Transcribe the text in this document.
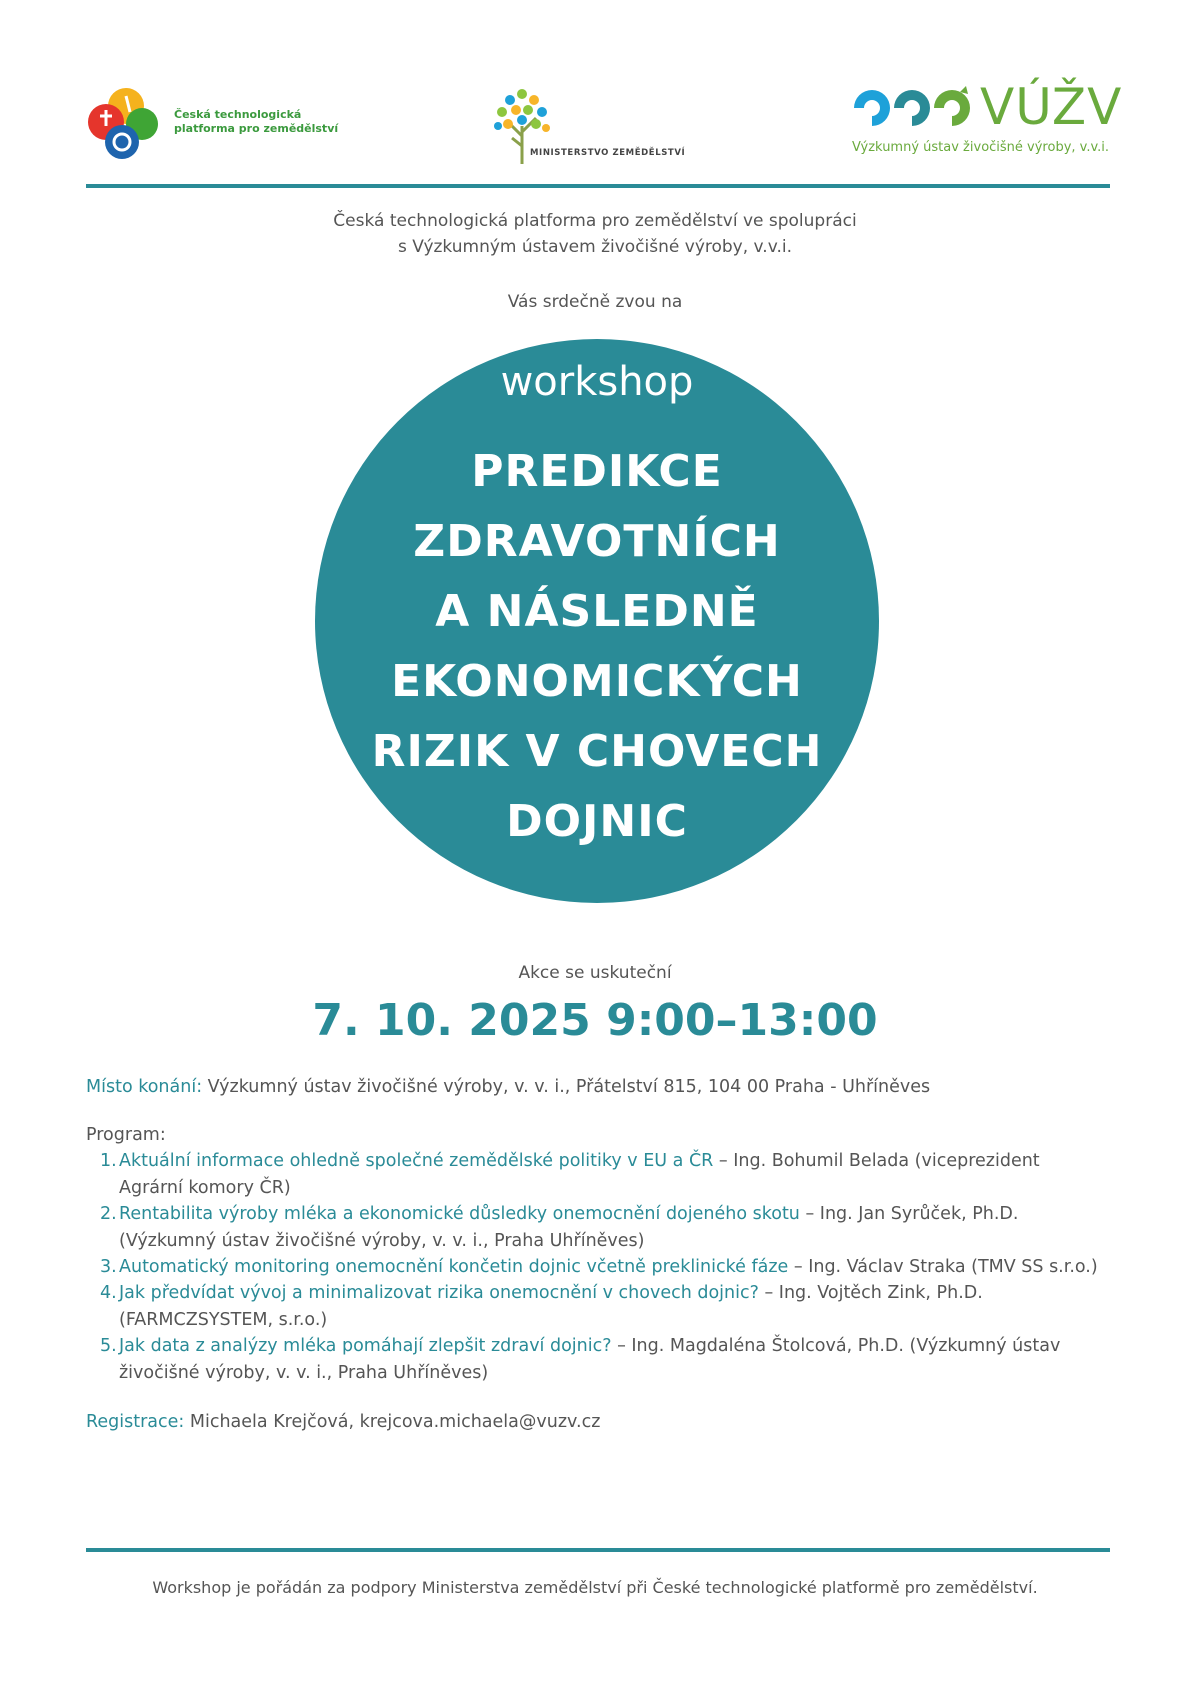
Česká technologická
platforma pro zemědělství
MINISTERSTVO ZEMĚDĚLSTVÍ
VÚŽV
Výzkumný ústav živočišné výroby, v.v.i.
Česká technologická platforma pro zemědělství ve spolupráci
s Výzkumným ústavem živočišné výroby, v.v.i.
Vás srdečně zvou na
workshop
PREDIKCE
ZDRAVOTNÍCH
A NÁSLEDNĚ
EKONOMICKÝCH
RIZIK V CHOVECH
DOJNIC
Akce se uskuteční
7. 10. 2025 9:00–13:00
Místo konání: Výzkumný ústav živočišné výroby, v. v. i., Přátelství 815, 104 00 Praha - Uhříněves
Program:
1. Aktuální informace ohledně společné zemědělské politiky v EU a ČR – Ing. Bohumil Belada (viceprezident
Agrární komory ČR)
2. Rentabilita výroby mléka a ekonomické důsledky onemocnění dojeného skotu – Ing. Jan Syrůček, Ph.D.
(Výzkumný ústav živočišné výroby, v. v. i., Praha Uhříněves)
3. Automatický monitoring onemocnění končetin dojnic včetně preklinické fáze – Ing. Václav Straka (TMV SS s.r.o.)
4. Jak předvídat vývoj a minimalizovat rizika onemocnění v chovech dojnic? – Ing. Vojtěch Zink, Ph.D.
(FARMCZSYSTEM, s.r.o.)
5. Jak data z analýzy mléka pomáhají zlepšit zdraví dojnic? – Ing. Magdaléna Štolcová, Ph.D. (Výzkumný ústav
živočišné výroby, v. v. i., Praha Uhříněves)
Registrace: Michaela Krejčová, krejcova.michaela@vuzv.cz
Workshop je pořádán za podpory Ministerstva zemědělství při České technologické platformě pro zemědělství.
